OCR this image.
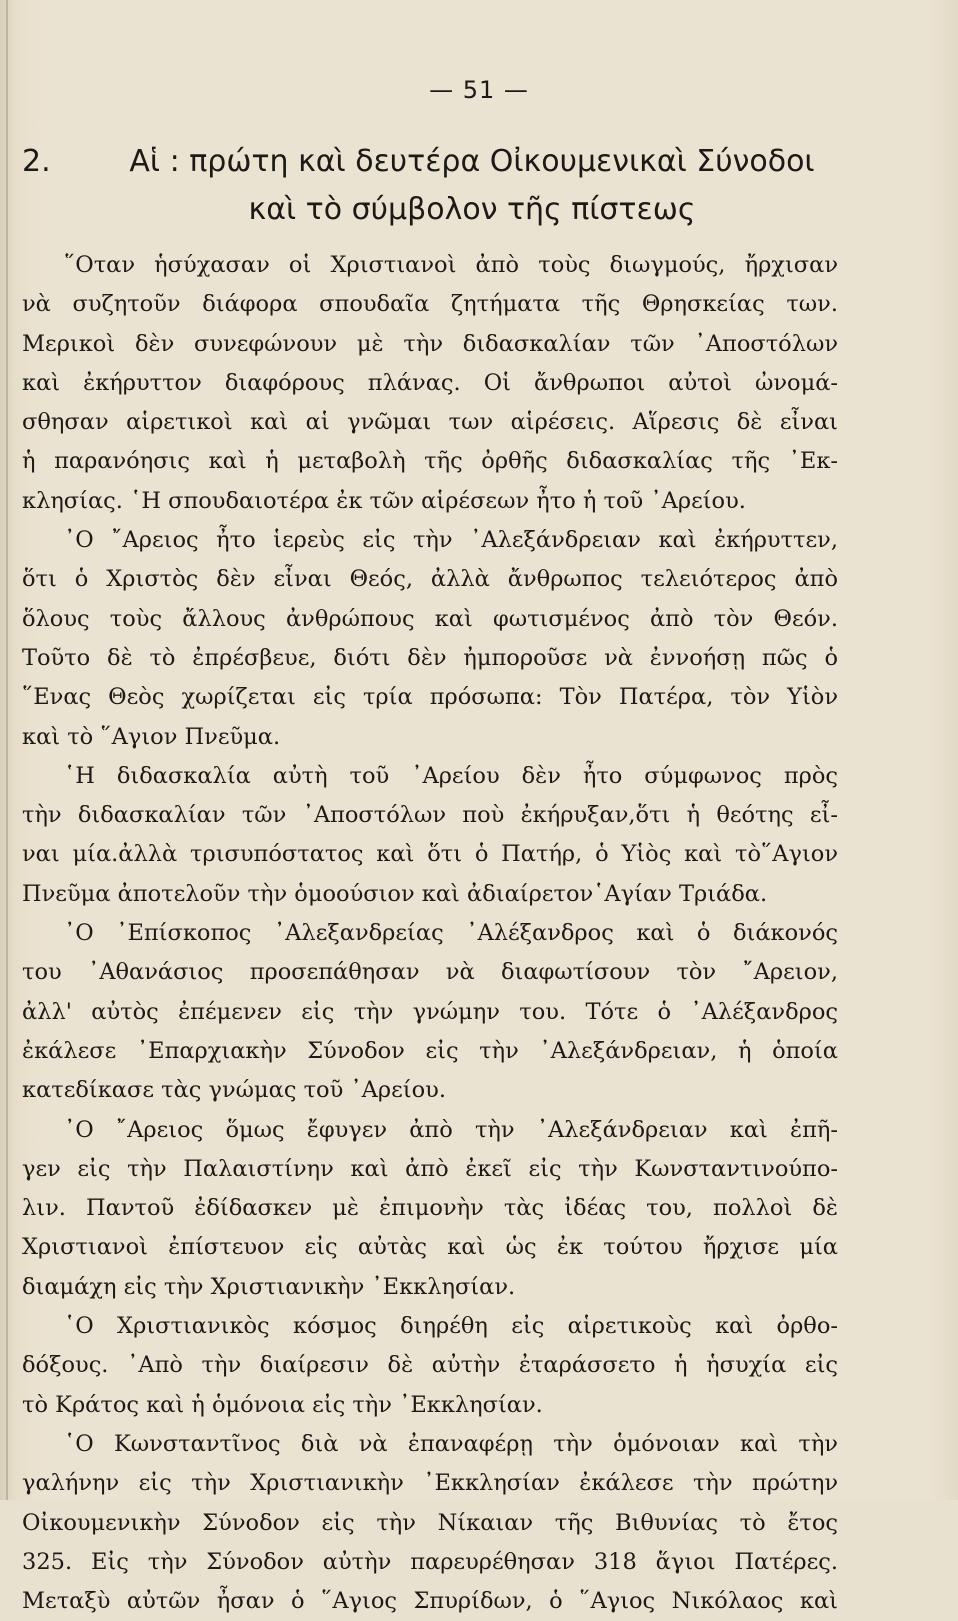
— 51 —
2.	Αἱ : πρώτη καὶ δευτέρα Οἰκουμενικαὶ Σύνοδοι
καὶ τὸ σύμβολον τῆς πίστεως
῞Οταν ἡσύχασαν οἱ Χριστιανοὶ ἀπὸ τοὺς διωγμούς, ἤρχισαν
νὰ συζητοῦν διάφορα σπουδαῖα ζητήματα τῆς Θρησκείας των.
Μερικοὶ δὲν συνεφώνουν μὲ τὴν διδασκαλίαν τῶν ᾿Αποστόλων
καὶ ἐκήρυττον διαφόρους πλάνας. Οἱ ἄνθρωποι αὐτοὶ ὠνομά-
σθησαν αἱρετικοὶ καὶ αἱ γνῶμαι των αἱρέσεις. Αἵρεσις δὲ εἶναι
ἡ παρανόησις καὶ ἡ μεταβολὴ τῆς ὀρθῆς διδασκαλίας τῆς ᾿Εκ-
κλησίας. ῾Η σπουδαιοτέρα ἐκ τῶν αἱρέσεων ἦτο ἡ τοῦ ᾿Αρείου.
᾿Ο ῎Αρειος ἦτο ἱερεὺς εἰς τὴν ᾿Αλεξάνδρειαν καὶ ἐκήρυττεν,
ὅτι ὁ Χριστὸς δὲν εἶναι Θεός, ἀλλὰ ἄνθρωπος τελειότερος ἀπὸ
ὅλους τοὺς ἄλλους ἀνθρώπους καὶ φωτισμένος ἀπὸ τὸν Θεόν.
Τοῦτο δὲ τὸ ἐπρέσβευε, διότι δὲν ἠμποροῦσε νὰ ἐννοήσῃ πῶς ὁ
῞Ενας Θεὸς χωρίζεται εἰς τρία πρόσωπα: Τὸν Πατέρα, τὸν Υἱὸν
καὶ τὸ ῞Αγιον Πνεῦμα.
῾Η διδασκαλία αὐτὴ τοῦ ᾿Αρείου δὲν ἦτο σύμφωνος πρὸς
τὴν διδασκαλίαν τῶν ᾿Αποστόλων ποὺ ἐκήρυξαν,ὅτι ἡ θεότης εἶ-
ναι μία.ἀλλὰ τρισυπόστατος καὶ ὅτι ὁ Πατήρ, ὁ Υἱὸς καὶ τὸ῞Αγιον
Πνεῦμα ἀποτελοῦν τὴν ὁμοούσιον καὶ ἀδιαίρετον῾Αγίαν Τριάδα.
᾿Ο ᾿Επίσκοπος ᾿Αλεξανδρείας ᾿Αλέξανδρος καὶ ὁ διάκονός
του ᾿Αθανάσιος προσεπάθησαν νὰ διαφωτίσουν τὸν ῎Αρειον,
ἀλλ' αὐτὸς ἐπέμενεν εἰς τὴν γνώμην του. Τότε ὁ ᾿Αλέξανδρος
ἐκάλεσε ᾿Επαρχιακὴν Σύνοδον εἰς τὴν ᾿Αλεξάνδρειαν, ἡ ὁποία
κατεδίκασε τὰς γνώμας τοῦ ᾿Αρείου.
᾿Ο ῎Αρειος ὅμως ἔφυγεν ἀπὸ τὴν ᾿Αλεξάνδρειαν καὶ ἐπῆ-
γεν εἰς τὴν Παλαιστίνην καὶ ἀπὸ ἐκεῖ εἰς τὴν Κωνσταντινούπο-
λιν. Παντοῦ ἐδίδασκεν μὲ ἐπιμονὴν τὰς ἰδέας του, πολλοὶ δὲ
Χριστιανοὶ ἐπίστευον εἰς αὐτὰς καὶ ὡς ἐκ τούτου ἤρχισε μία
διαμάχη εἰς τὴν Χριστιανικὴν ᾿Εκκλησίαν.
῾Ο Χριστιανικὸς κόσμος διηρέθη εἰς αἱρετικοὺς καὶ ὀρθο-
δόξους. ᾿Απὸ τὴν διαίρεσιν δὲ αὐτὴν ἐταράσσετο ἡ ἡσυχία εἰς
τὸ Κράτος καὶ ἡ ὁμόνοια εἰς τὴν ᾿Εκκλησίαν.
῾Ο Κωνσταντῖνος διὰ νὰ ἐπαναφέρῃ τὴν ὁμόνοιαν καὶ τὴν
γαλήνην εἰς τὴν Χριστιανικὴν ᾿Εκκλησίαν ἐκάλεσε τὴν πρώτην
Οἰκουμενικὴν Σύνοδον εἰς τὴν Νίκαιαν τῆς Βιθυνίας τὸ ἔτος
325. Εἰς τὴν Σύνοδον αὐτὴν παρευρέθησαν 318 ἅγιοι Πατέρες.
Μεταξὺ αὐτῶν ἦσαν ὁ ῞Αγιος Σπυρίδων, ὁ ῞Αγιος Νικόλαος καὶ
